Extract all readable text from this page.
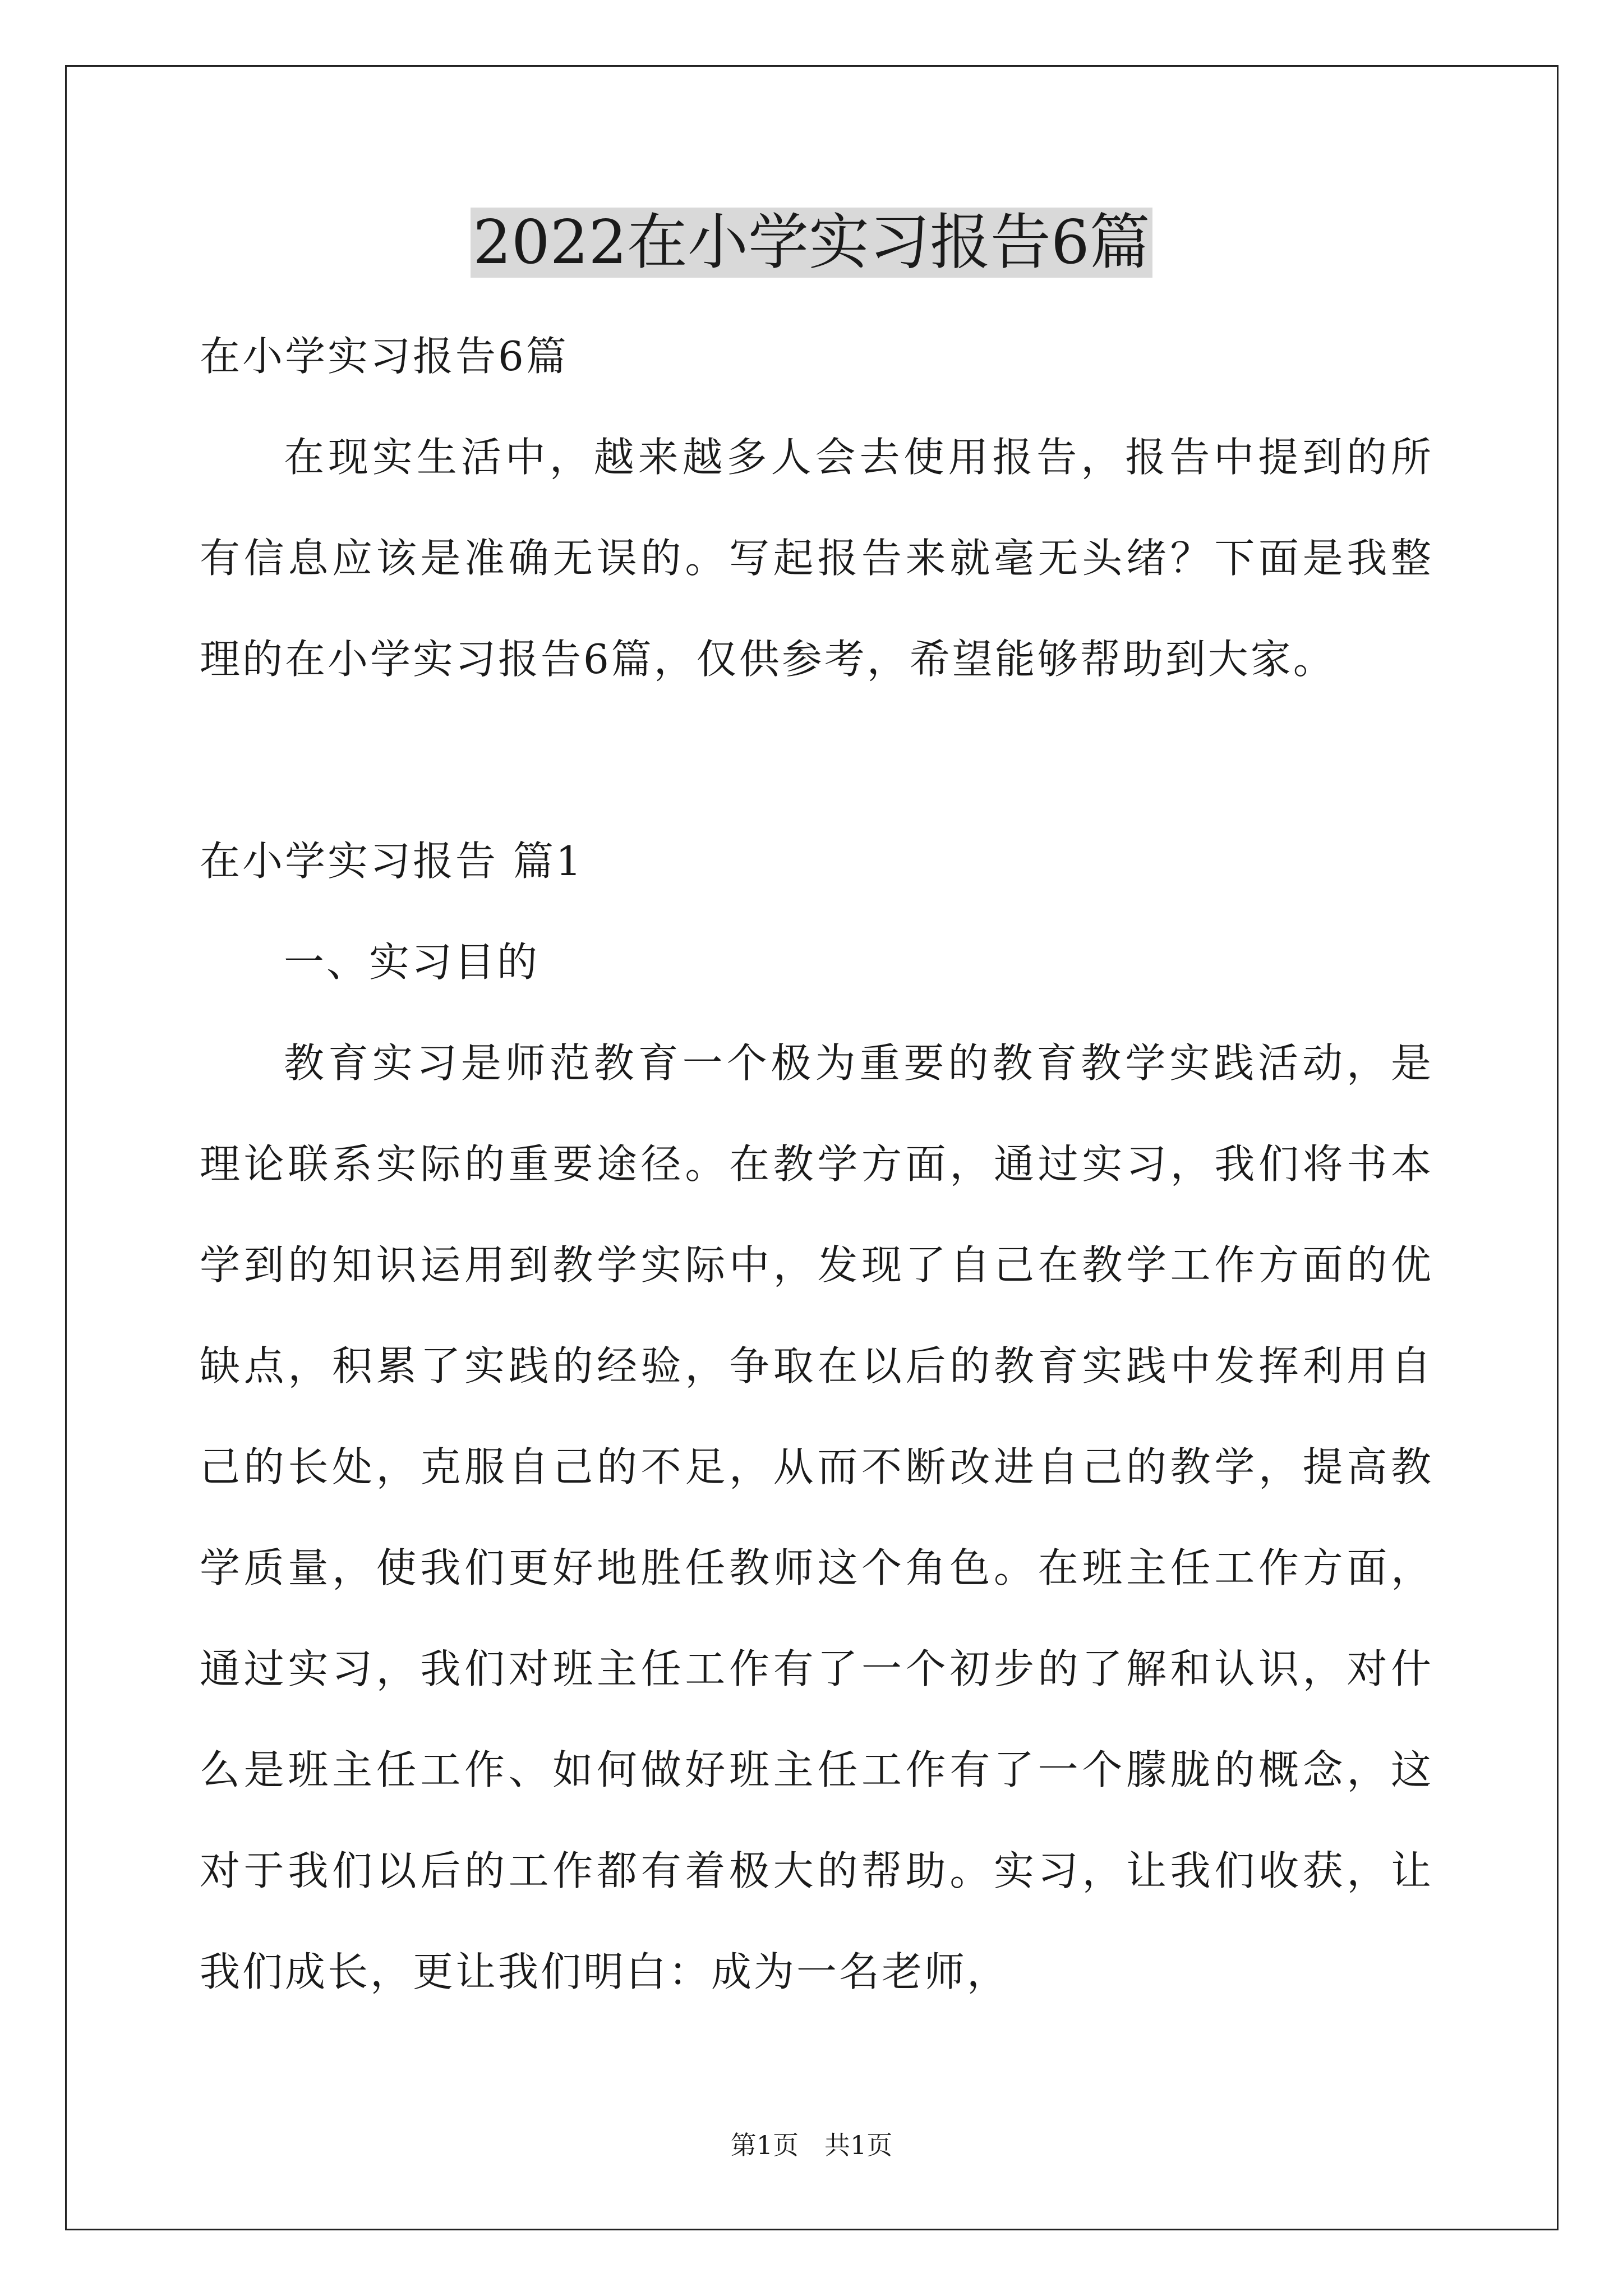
2022在小学实习报告6篇

在小学实习报告6篇

在现实生活中，越来越多人会去使用报告，报告中提到的所有信息应该是准确无误的。写起报告来就毫无头绪？下面是我整理的在小学实习报告6篇，仅供参考，希望能够帮助到大家。

在小学实习报告 篇1

一、实习目的

教育实习是师范教育一个极为重要的教育教学实践活动，是理论联系实际的重要途径。在教学方面，通过实习，我们将书本学到的知识运用到教学实际中，发现了自己在教学工作方面的优缺点，积累了实践的经验，争取在以后的教育实践中发挥利用自己的长处，克服自己的不足，从而不断改进自己的教学，提高教学质量，使我们更好地胜任教师这个角色。在班主任工作方面，通过实习，我们对班主任工作有了一个初步的了解和认识，对什么是班主任工作、如何做好班主任工作有了一个朦胧的概念，这对于我们以后的工作都有着极大的帮助。实习，让我们收获，让我们成长，更让我们明白：成为一名老师，

第1页　共1页
